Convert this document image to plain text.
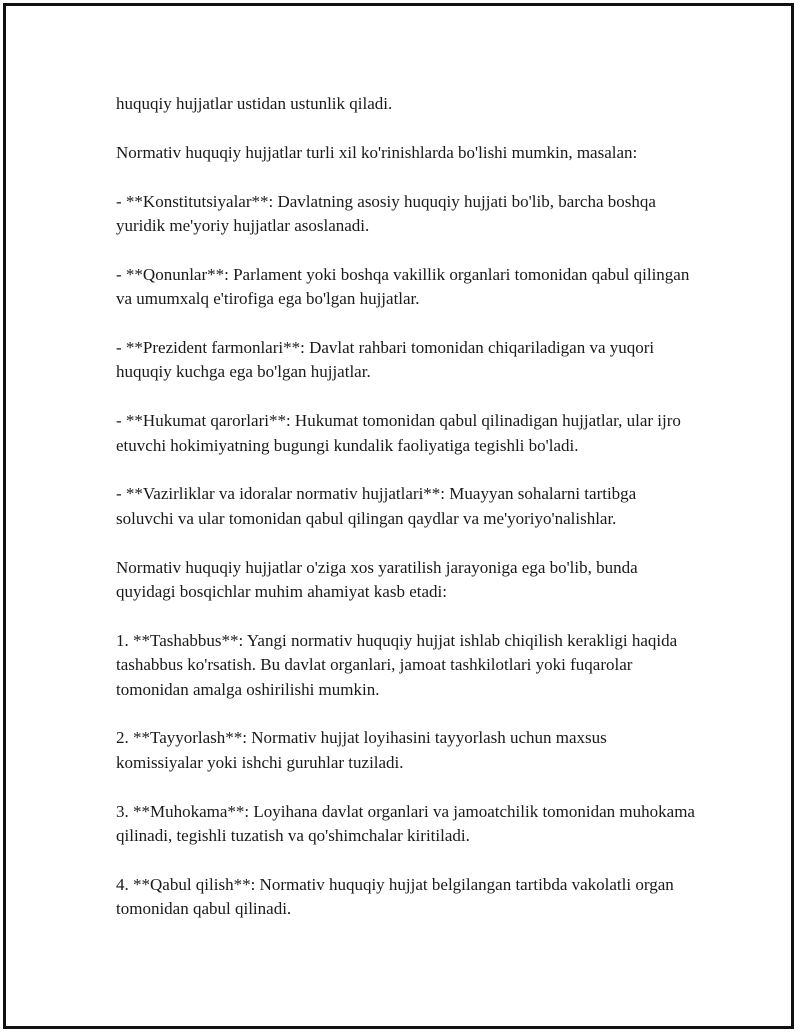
huquqiy hujjatlar ustidan ustunlik qiladi.

Normativ huquqiy hujjatlar turli xil ko'rinishlarda bo'lishi mumkin, masalan:

- **Konstitutsiyalar**: Davlatning asosiy huquqiy hujjati bo'lib, barcha boshqa yuridik me'yoriy hujjatlar asoslanadi.

- **Qonunlar**: Parlament yoki boshqa vakillik organlari tomonidan qabul qilingan va umumxalq e'tirofiga ega bo'lgan hujjatlar.

- **Prezident farmonlari**: Davlat rahbari tomonidan chiqariladigan va yuqori huquqiy kuchga ega bo'lgan hujjatlar.

- **Hukumat qarorlari**: Hukumat tomonidan qabul qilinadigan hujjatlar, ular ijro etuvchi hokimiyatning bugungi kundalik faoliyatiga tegishli bo'ladi.

- **Vazirliklar va idoralar normativ hujjatlari**: Muayyan sohalarni tartibga soluvchi va ular tomonidan qabul qilingan qaydlar va me'yoriyo'nalishlar.

Normativ huquqiy hujjatlar o'ziga xos yaratilish jarayoniga ega bo'lib, bunda quyidagi bosqichlar muhim ahamiyat kasb etadi:

1. **Tashabbus**: Yangi normativ huquqiy hujjat ishlab chiqilish kerakligi haqida tashabbus ko'rsatish. Bu davlat organlari, jamoat tashkilotlari yoki fuqarolar tomonidan amalga oshirilishi mumkin.

2. **Tayyorlash**: Normativ hujjat loyihasini tayyorlash uchun maxsus komissiyalar yoki ishchi guruhlar tuziladi.

3. **Muhokama**: Loyihana davlat organlari va jamoatchilik tomonidan muhokama qilinadi, tegishli tuzatish va qo'shimchalar kiritiladi.

4. **Qabul qilish**: Normativ huquqiy hujjat belgilangan tartibda vakolatli organ tomonidan qabul qilinadi.
